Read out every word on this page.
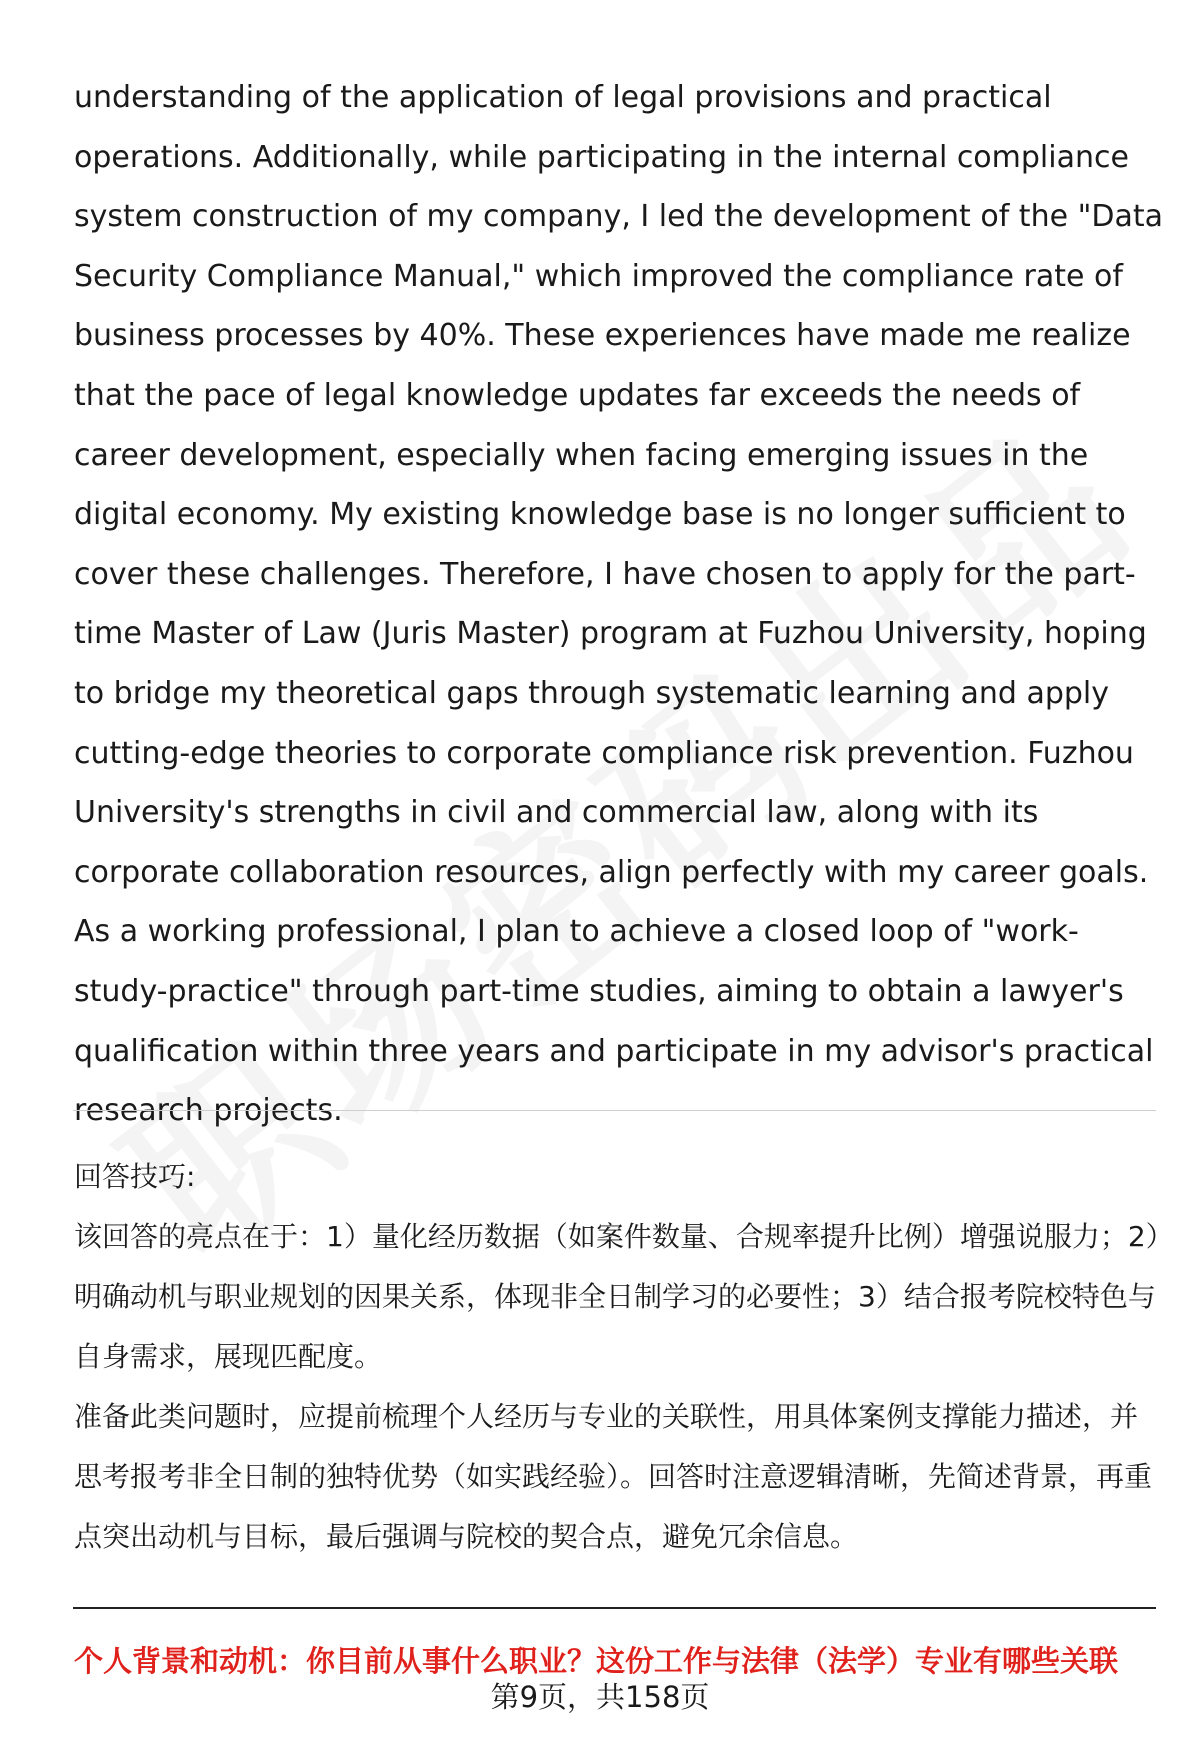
understanding of the application of legal provisions and practical operations. Additionally, while participating in the internal compliance system construction of my company, I led the development of the "Data Security Compliance Manual," which improved the compliance rate of business processes by 40%. These experiences have made me realize that the pace of legal knowledge updates far exceeds the needs of career development, especially when facing emerging issues in the digital economy. My existing knowledge base is no longer sufficient to cover these challenges. Therefore, I have chosen to apply for the part-time Master of Law (Juris Master) program at Fuzhou University, hoping to bridge my theoretical gaps through systematic learning and apply cutting-edge theories to corporate compliance risk prevention. Fuzhou University's strengths in civil and commercial law, along with its corporate collaboration resources, align perfectly with my career goals. As a working professional, I plan to achieve a closed loop of "work-study-practice" through part-time studies, aiming to obtain a lawyer's qualification within three years and participate in my advisor's practical research projects.

回答技巧:

该回答的亮点在于：1）量化经历数据（如案件数量、合规率提升比例）增强说服力；2）明确动机与职业规划的因果关系，体现非全日制学习的必要性；3）结合报考院校特色与自身需求，展现匹配度。

准备此类问题时，应提前梳理个人经历与专业的关联性，用具体案例支撑能力描述，并思考报考非全日制的独特优势（如实践经验）。回答时注意逻辑清晰，先简述背景，再重点突出动机与目标，最后强调与院校的契合点，避免冗余信息。

个人背景和动机：你目前从事什么职业？这份工作与法律（法学）专业有哪些关联
第9页，共158页
